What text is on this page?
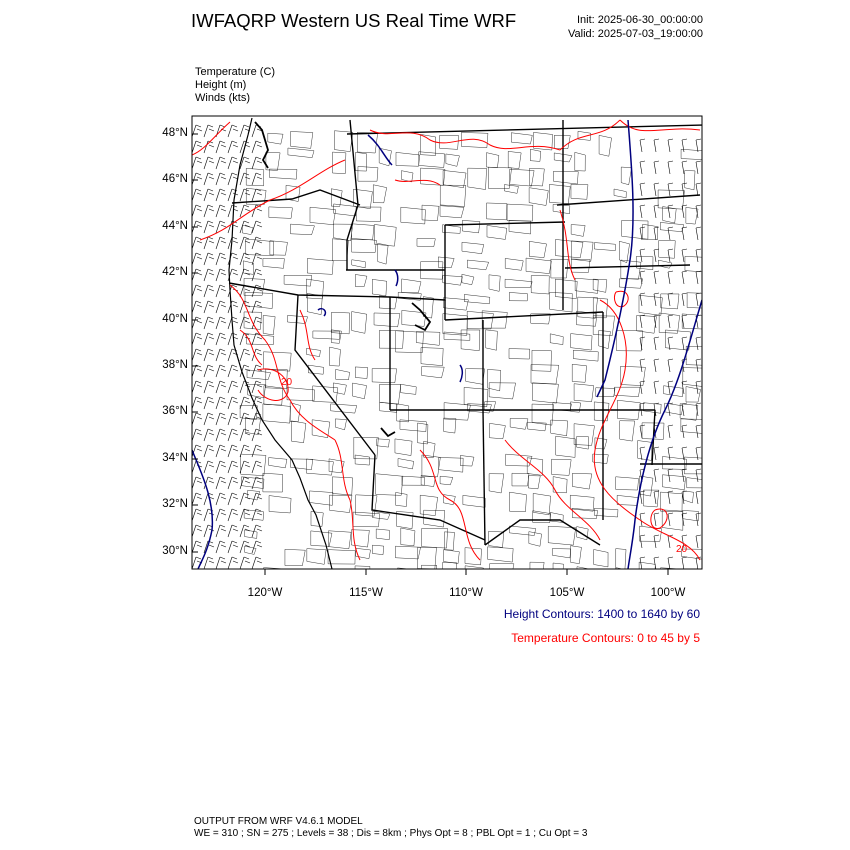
IWFAQRP Western US Real Time WRF	Init: 2025-06-30_00:00:00
Valid: 2025-07-03_19:00:00
Temperature (C)
Height (m)
Winds (kts)
20
20
48°N
46°N
44°N
42°N
40°N
38°N
36°N
34°N
32°N
30°N
120°W	115°W	110°W	105°W	100°W
Height Contours: 1400 to 1640 by 60
Temperature Contours: 0 to 45 by 5
OUTPUT FROM WRF V4.6.1 MODEL
WE = 310 ; SN = 275 ; Levels = 38 ; Dis = 8km ; Phys Opt = 8 ; PBL Opt = 1 ; Cu Opt = 3
